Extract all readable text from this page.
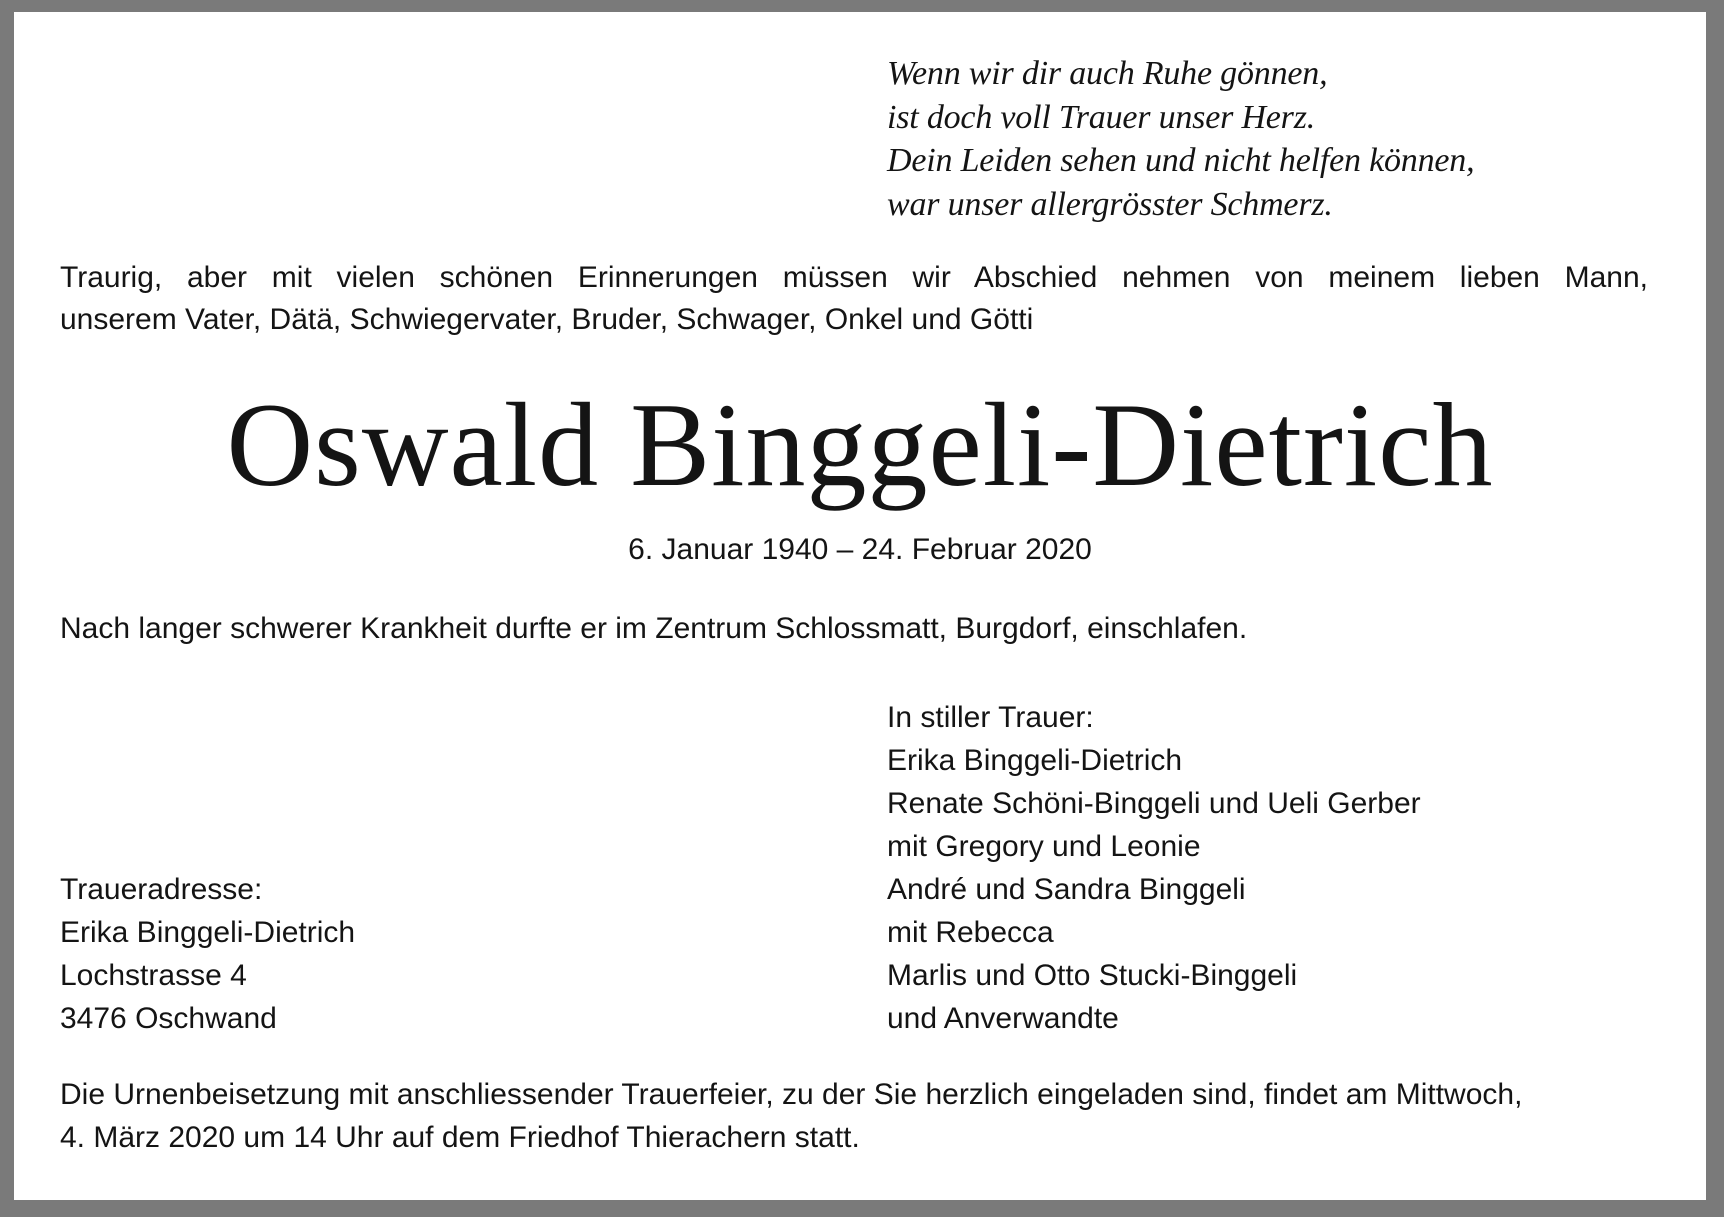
Wenn wir dir auch Ruhe gönnen,
ist doch voll Trauer unser Herz.
Dein Leiden sehen und nicht helfen können,
war unser allergrösster Schmerz.
Traurig, aber mit vielen schönen Erinnerungen müssen wir Abschied nehmen von meinem lieben Mann,
unserem Vater, Dätä, Schwiegervater, Bruder, Schwager, Onkel und Götti
Oswald Binggeli-Dietrich
6. Januar 1940 – 24. Februar 2020
Nach langer schwerer Krankheit durfte er im Zentrum Schlossmatt, Burgdorf, einschlafen.
In stiller Trauer:
Erika Binggeli-Dietrich
Renate Schöni-Binggeli und Ueli Gerber
mit Gregory und Leonie
André und Sandra Binggeli
mit Rebecca
Marlis und Otto Stucki-Binggeli
und Anverwandte
Traueradresse:
Erika Binggeli-Dietrich
Lochstrasse 4
3476 Oschwand
Die Urnenbeisetzung mit anschliessender Trauerfeier, zu der Sie herzlich eingeladen sind, findet am Mittwoch,
4. März 2020 um 14 Uhr auf dem Friedhof Thierachern statt.
